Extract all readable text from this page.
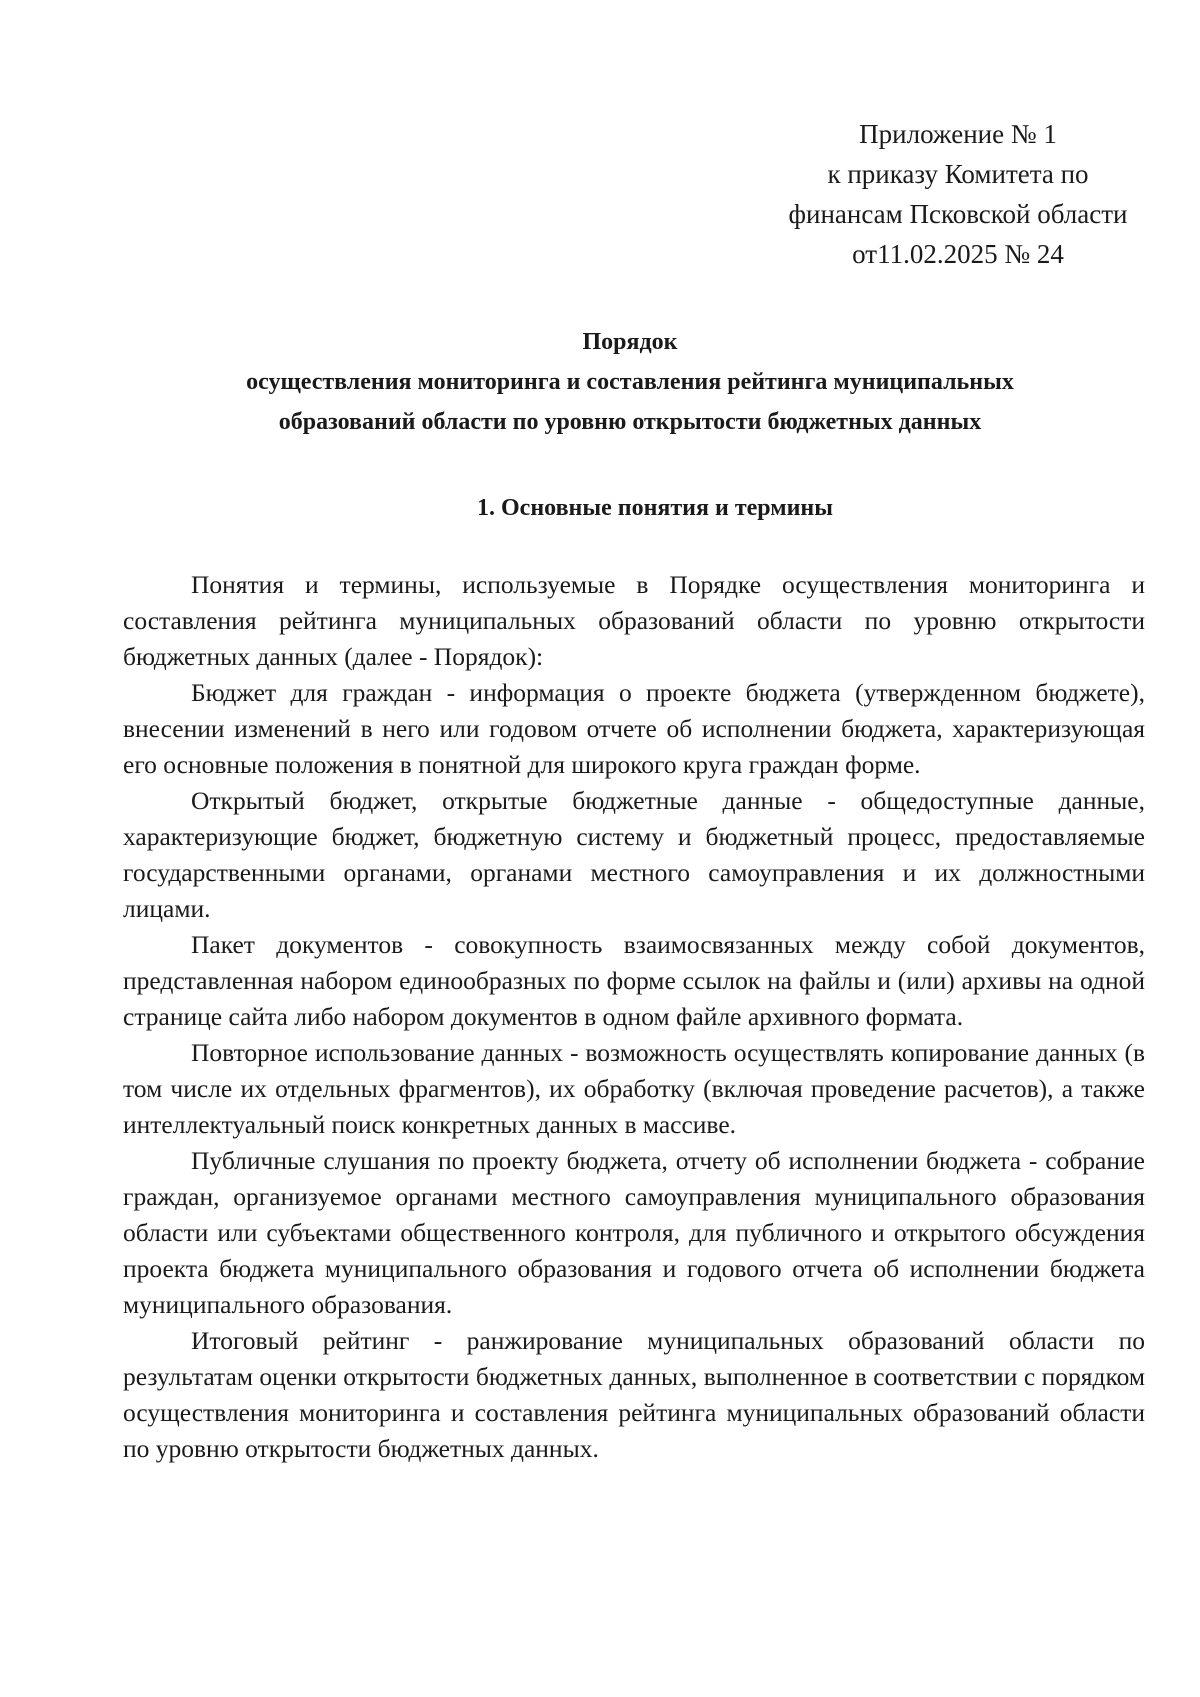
Приложение № 1
к приказу Комитета по
финансам Псковской области
от11.02.2025 № 24
Порядок
осуществления мониторинга и составления рейтинга муниципальных
образований области по уровню открытости бюджетных данных
1. Основные понятия и термины

Понятия и термины, используемые в Порядке осуществления мониторинга и составления рейтинга муниципальных образований области по уровню открытости бюджетных данных (далее - Порядок):

Бюджет для граждан - информация о проекте бюджета (утвержденном бюджете), внесении изменений в него или годовом отчете об исполнении бюджета, характеризующая его основные положения в понятной для широкого круга граждан форме.

Открытый бюджет, открытые бюджетные данные - общедоступные данные, характеризующие бюджет, бюджетную систему и бюджетный процесс, предоставляемые государственными органами, органами местного самоуправления и их должностными лицами.

Пакет документов - совокупность взаимосвязанных между собой документов, представленная набором единообразных по форме ссылок на файлы и (или) архивы на одной странице сайта либо набором документов в одном файле архивного формата.

Повторное использование данных - возможность осуществлять копирование данных (в том числе их отдельных фрагментов), их обработку (включая проведение расчетов), а также интеллектуальный поиск конкретных данных в массиве.

Публичные слушания по проекту бюджета, отчету об исполнении бюджета - собрание граждан, организуемое органами местного самоуправления муниципального образования области или субъектами общественного контроля, для публичного и открытого обсуждения проекта бюджета муниципального образования и годового отчета об исполнении бюджета муниципального образования.

Итоговый рейтинг - ранжирование муниципальных образований области по результатам оценки открытости бюджетных данных, выполненное в соответствии с порядком осуществления мониторинга и составления рейтинга муниципальных образований области по уровню открытости бюджетных данных.
